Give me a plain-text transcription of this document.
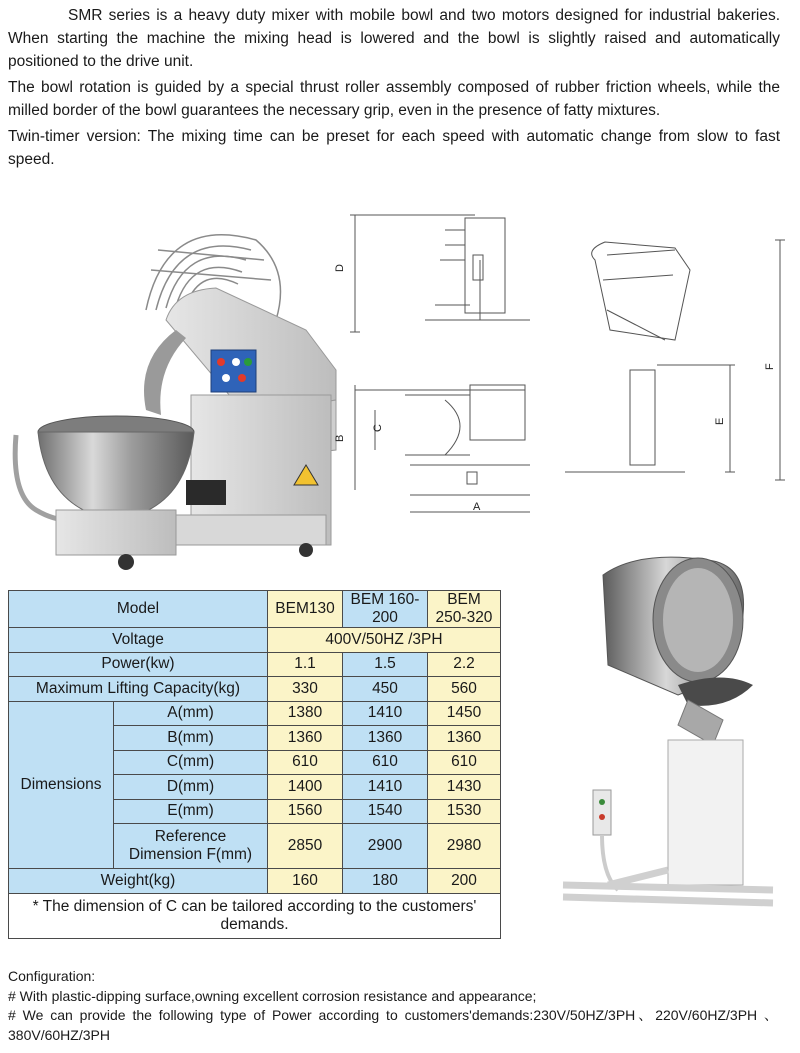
SMR series is a heavy duty mixer with mobile bowl and two motors designed for industrial bakeries. When starting the machine the mixing head is lowered and the bowl is slightly raised and automatically positioned to the drive unit.

The bowl rotation is guided by a special thrust roller assembly composed of rubber friction wheels, while the milled border of the bowl guarantees the necessary grip, even in the presence of fatty mixtures.

Twin-timer version: The mixing time can be preset for each speed with automatic change from slow to fast speed.

D
B
C
A
E
F
Model		BEM130	BEM 160-200	BEM 250-320
Voltage		400V/50HZ /3PH		
Power(kw)		1.1	1.5	2.2
Maximum Lifting Capacity(kg)		330	450	560
Dimensions	A(mm)	1380	1410	1450
	B(mm)	1360	1360	1360
	C(mm)	610	610	610
	D(mm)	1400	1410	1430
	E(mm)	1560	1540	1530
	Reference Dimension F(mm)	2850	2900	2980
Weight(kg)		160	180	200
* The dimension of C can be tailored according to the customers' demands.				
Configuration:
# With plastic-dipping surface,owning excellent corrosion resistance and appearance;
# We can provide the following type of Power according to customers'demands:230V/50HZ/3PH、220V/60HZ/3PH 、380V/60HZ/3PH
